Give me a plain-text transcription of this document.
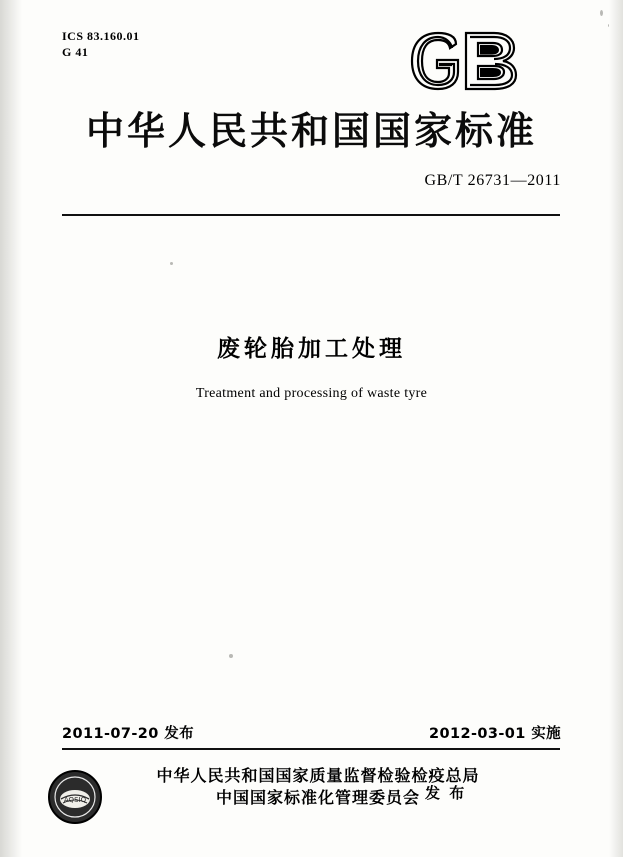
ICS 83.160.01
G 41
中华人民共和国国家标准
GB/T 26731—2011
废轮胎加工处理
Treatment and processing of waste tyre
2011-07-20 发布	2012-03-01 实施
AQSIQ
中华人民共和国国家质量监督检验检疫总局
中国国家标准化管理委员会 发 布
